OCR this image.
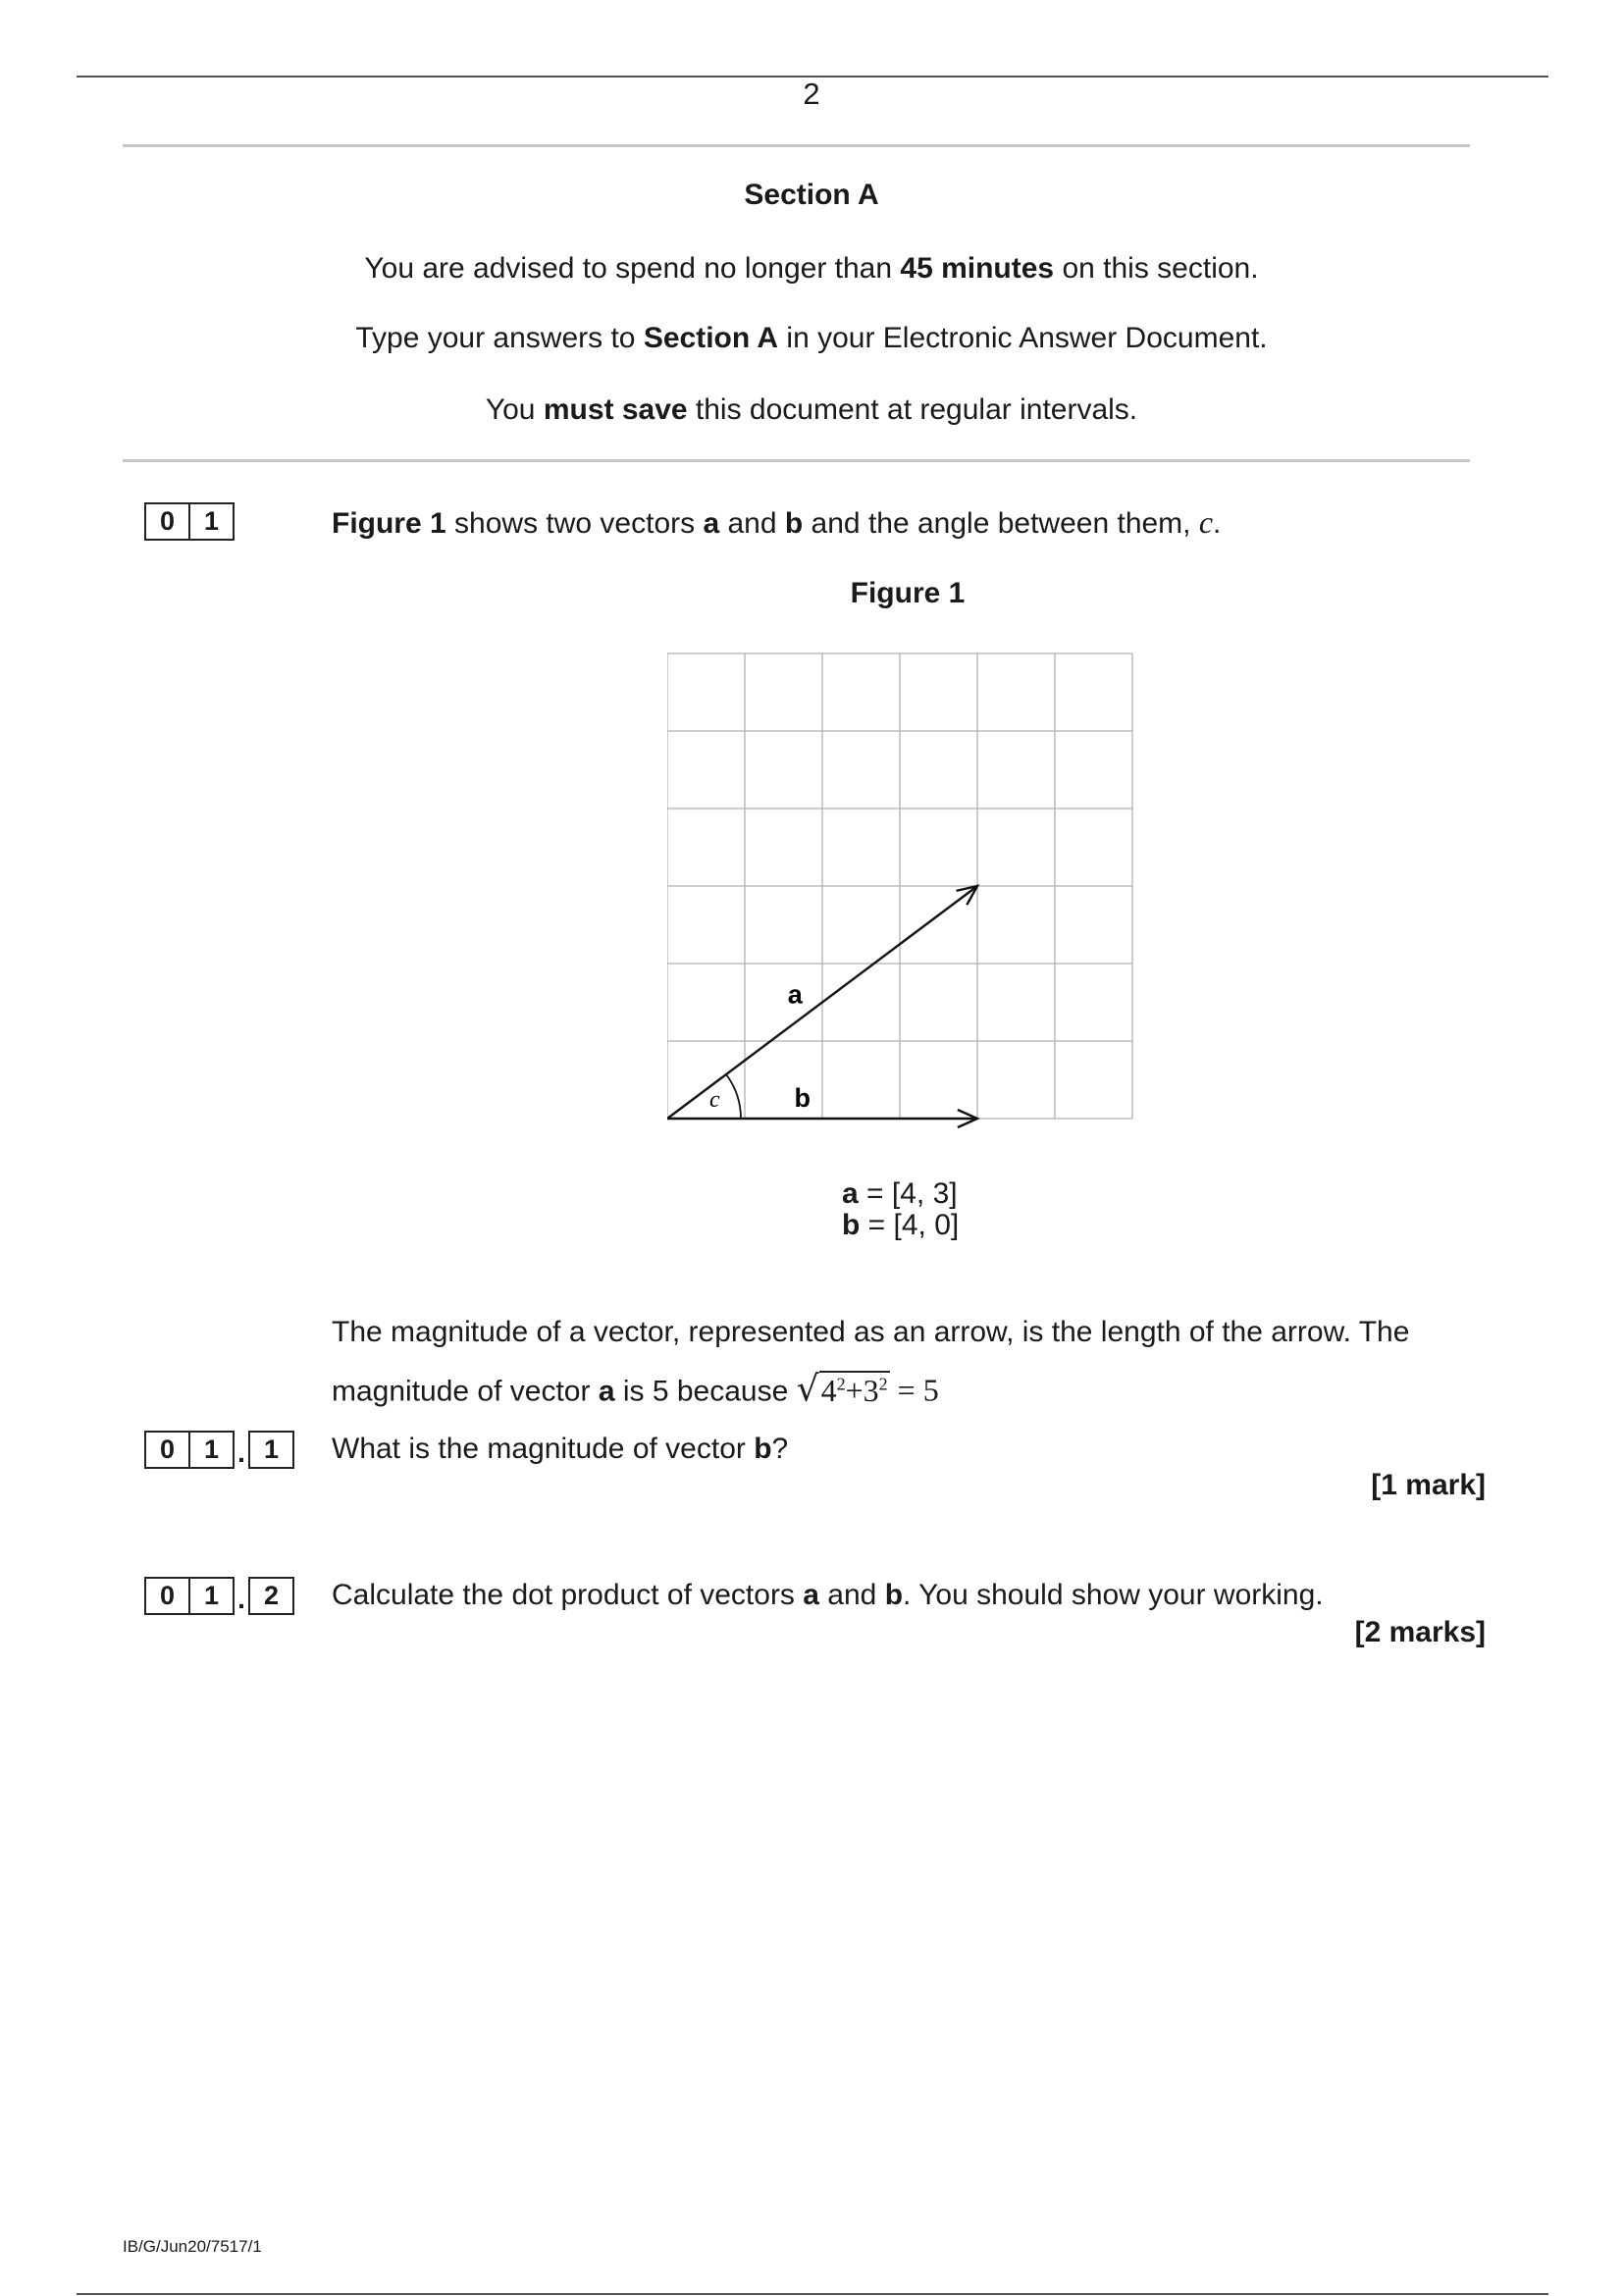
2
Section A
You are advised to spend no longer than 45 minutes on this section.
Type your answers to Section A in your Electronic Answer Document.
You must save this document at regular intervals.
0	1	Figure 1 shows two vectors a and b and the angle between them, c.
Figure 1
a
b
c
a = [4, 3]
b = [4, 0]
The magnitude of a vector, represented as an arrow, is the length of the arrow. The
magnitude of vector a is 5 because $√4^2+3^2 = 5$
0	1 . 1	What is the magnitude of vector b?
[1 mark]
0	1 . 2	Calculate the dot product of vectors a and b. You should show your working.
[2 marks]
IB/G/Jun20/7517/1
